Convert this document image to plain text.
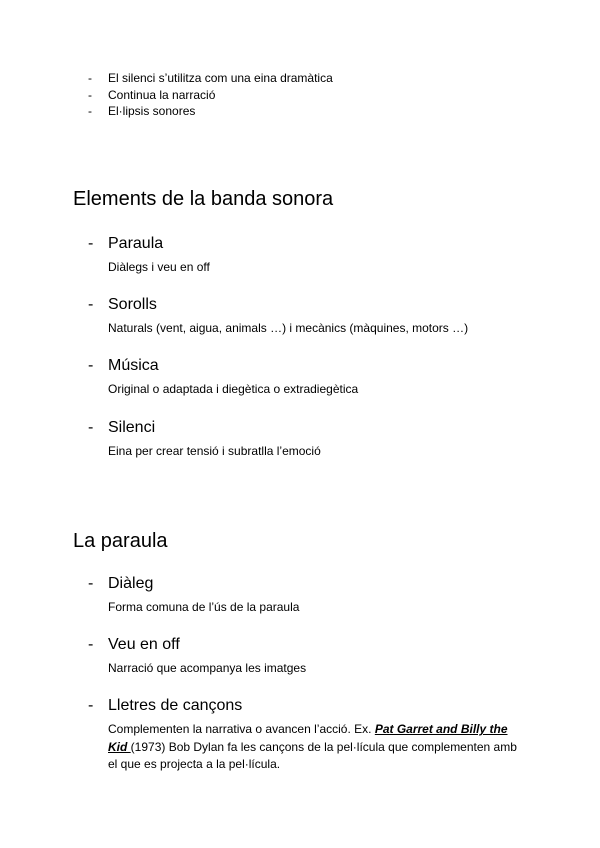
- El silenci s’utilitza com una eina dramàtica
- Continua la narració
- El·lipsis sonores
Elements de la banda sonora
- Paraula
Diàlegs i veu en off
- Sorolls
Naturals (vent, aigua, animals …) i mecànics (màquines, motors …)
- Música
Original o adaptada i diegètica o extradiegètica
- Silenci
Eina per crear tensió i subratlla l’emoció
La paraula
- Diàleg
Forma comuna de l’ús de la paraula
- Veu en off
Narració que acompanya les imatges
- Lletres de cançons
Complementen la narrativa o avancen l’acció. Ex. Pat Garret and Billy the Kid (1973) Bob Dylan fa les cançons de la pel·lícula que complementen amb el que es projecta a la pel·lícula.
